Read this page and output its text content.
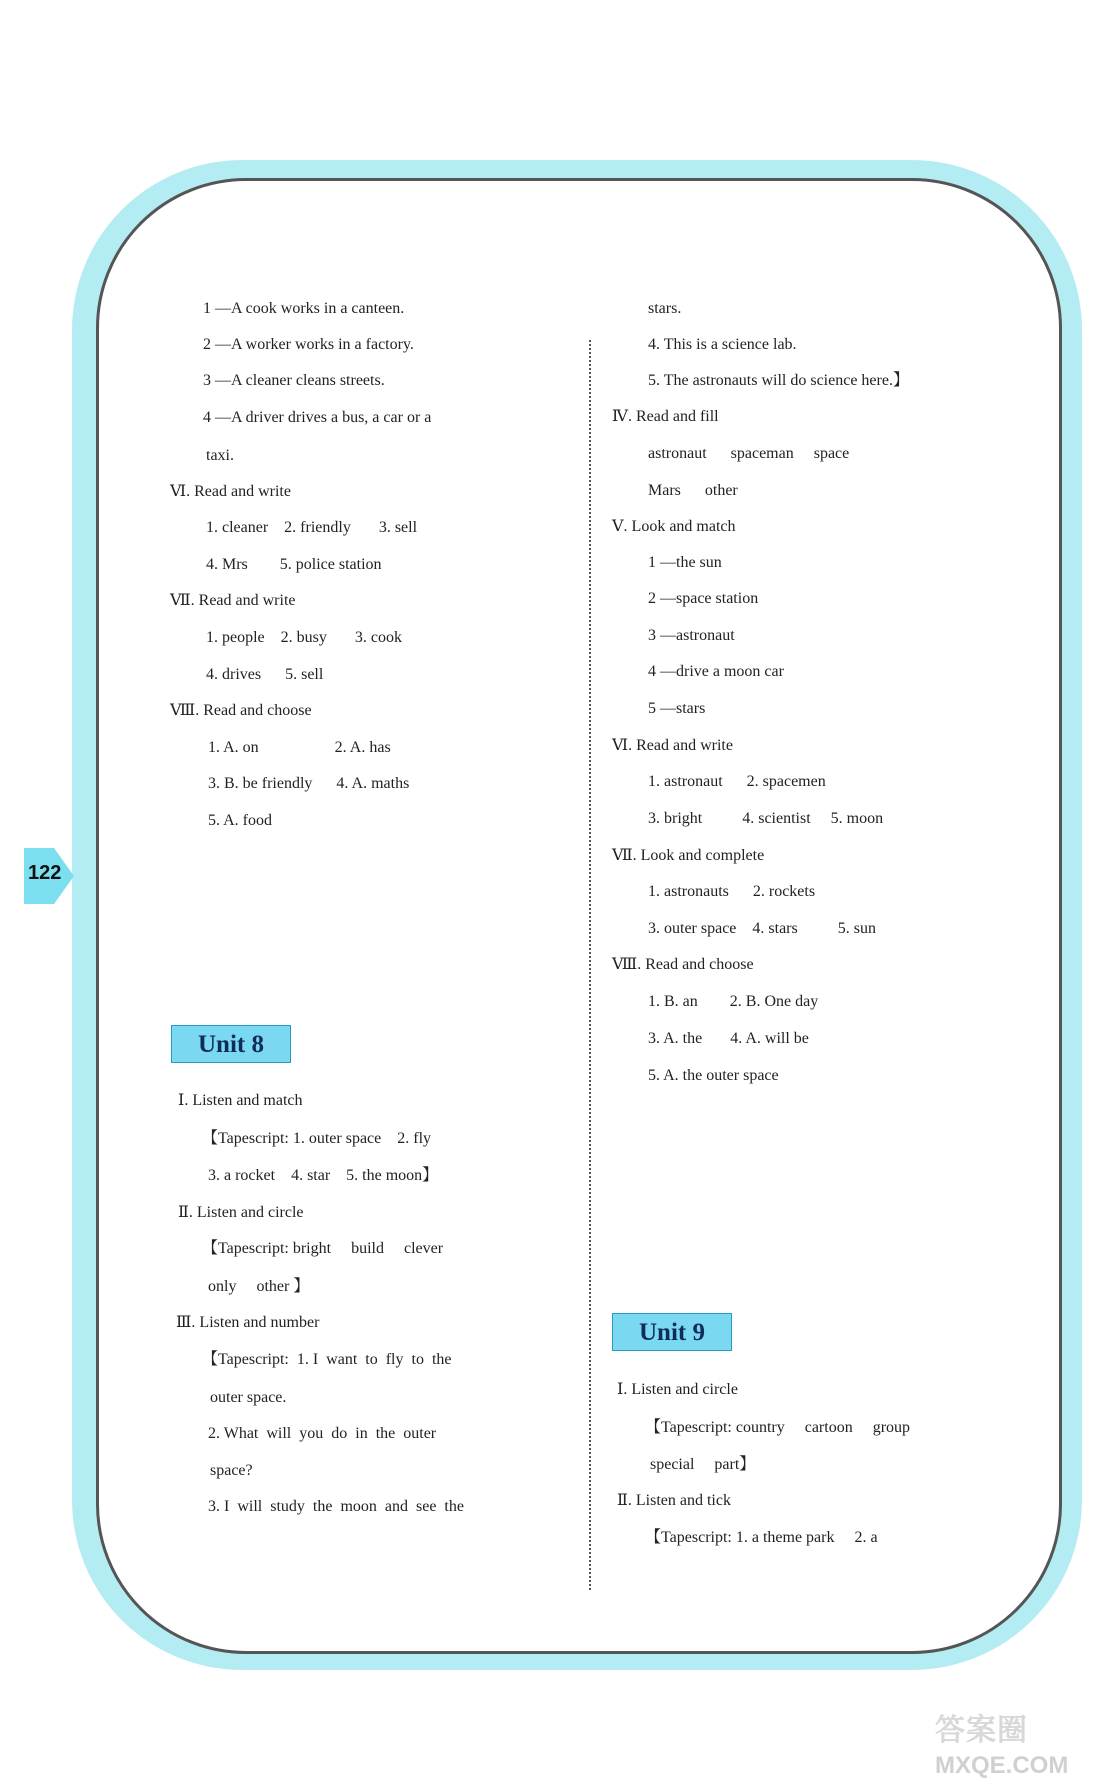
122
1 —A cook works in a canteen.
2 —A worker works in a factory.
3 —A cleaner cleans streets.
4 —A driver drives a bus, a car or a
taxi.
Ⅵ. Read and write
1. cleaner    2. friendly       3. sell
4. Mrs        5. police station
Ⅶ. Read and write
1. people    2. busy       3. cook
4. drives      5. sell
Ⅷ. Read and choose
1. A. on                   2. A. has
3. B. be friendly      4. A. maths
5. A. food
Unit 8
Ⅰ. Listen and match
【Tapescript: 1. outer space    2. fly
3. a rocket    4. star    5. the moon】
Ⅱ. Listen and circle
【Tapescript: bright     build     clever
only     other 】
Ⅲ. Listen and number
【Tapescript:  1. I  want  to  fly  to  the
outer space.
2. What  will  you  do  in  the  outer
space?
3. I  will  study  the  moon  and  see  the
stars.
4. This is a science lab.
5. The astronauts will do science here.】
Ⅳ. Read and fill
astronaut      spaceman     space
Mars      other
Ⅴ. Look and match
1 —the sun
2 —space station
3 —astronaut
4 —drive a moon car
5 —stars
Ⅵ. Read and write
1. astronaut      2. spacemen
3. bright          4. scientist     5. moon
Ⅶ. Look and complete
1. astronauts      2. rockets
3. outer space    4. stars          5. sun
Ⅷ. Read and choose
1. B. an        2. B. One day
3. A. the       4. A. will be
5. A. the outer space
Unit 9
Ⅰ. Listen and circle
【Tapescript: country     cartoon     group
special     part】
Ⅱ. Listen and tick
【Tapescript: 1. a theme park     2. a
答案圈
MXQE.COM
